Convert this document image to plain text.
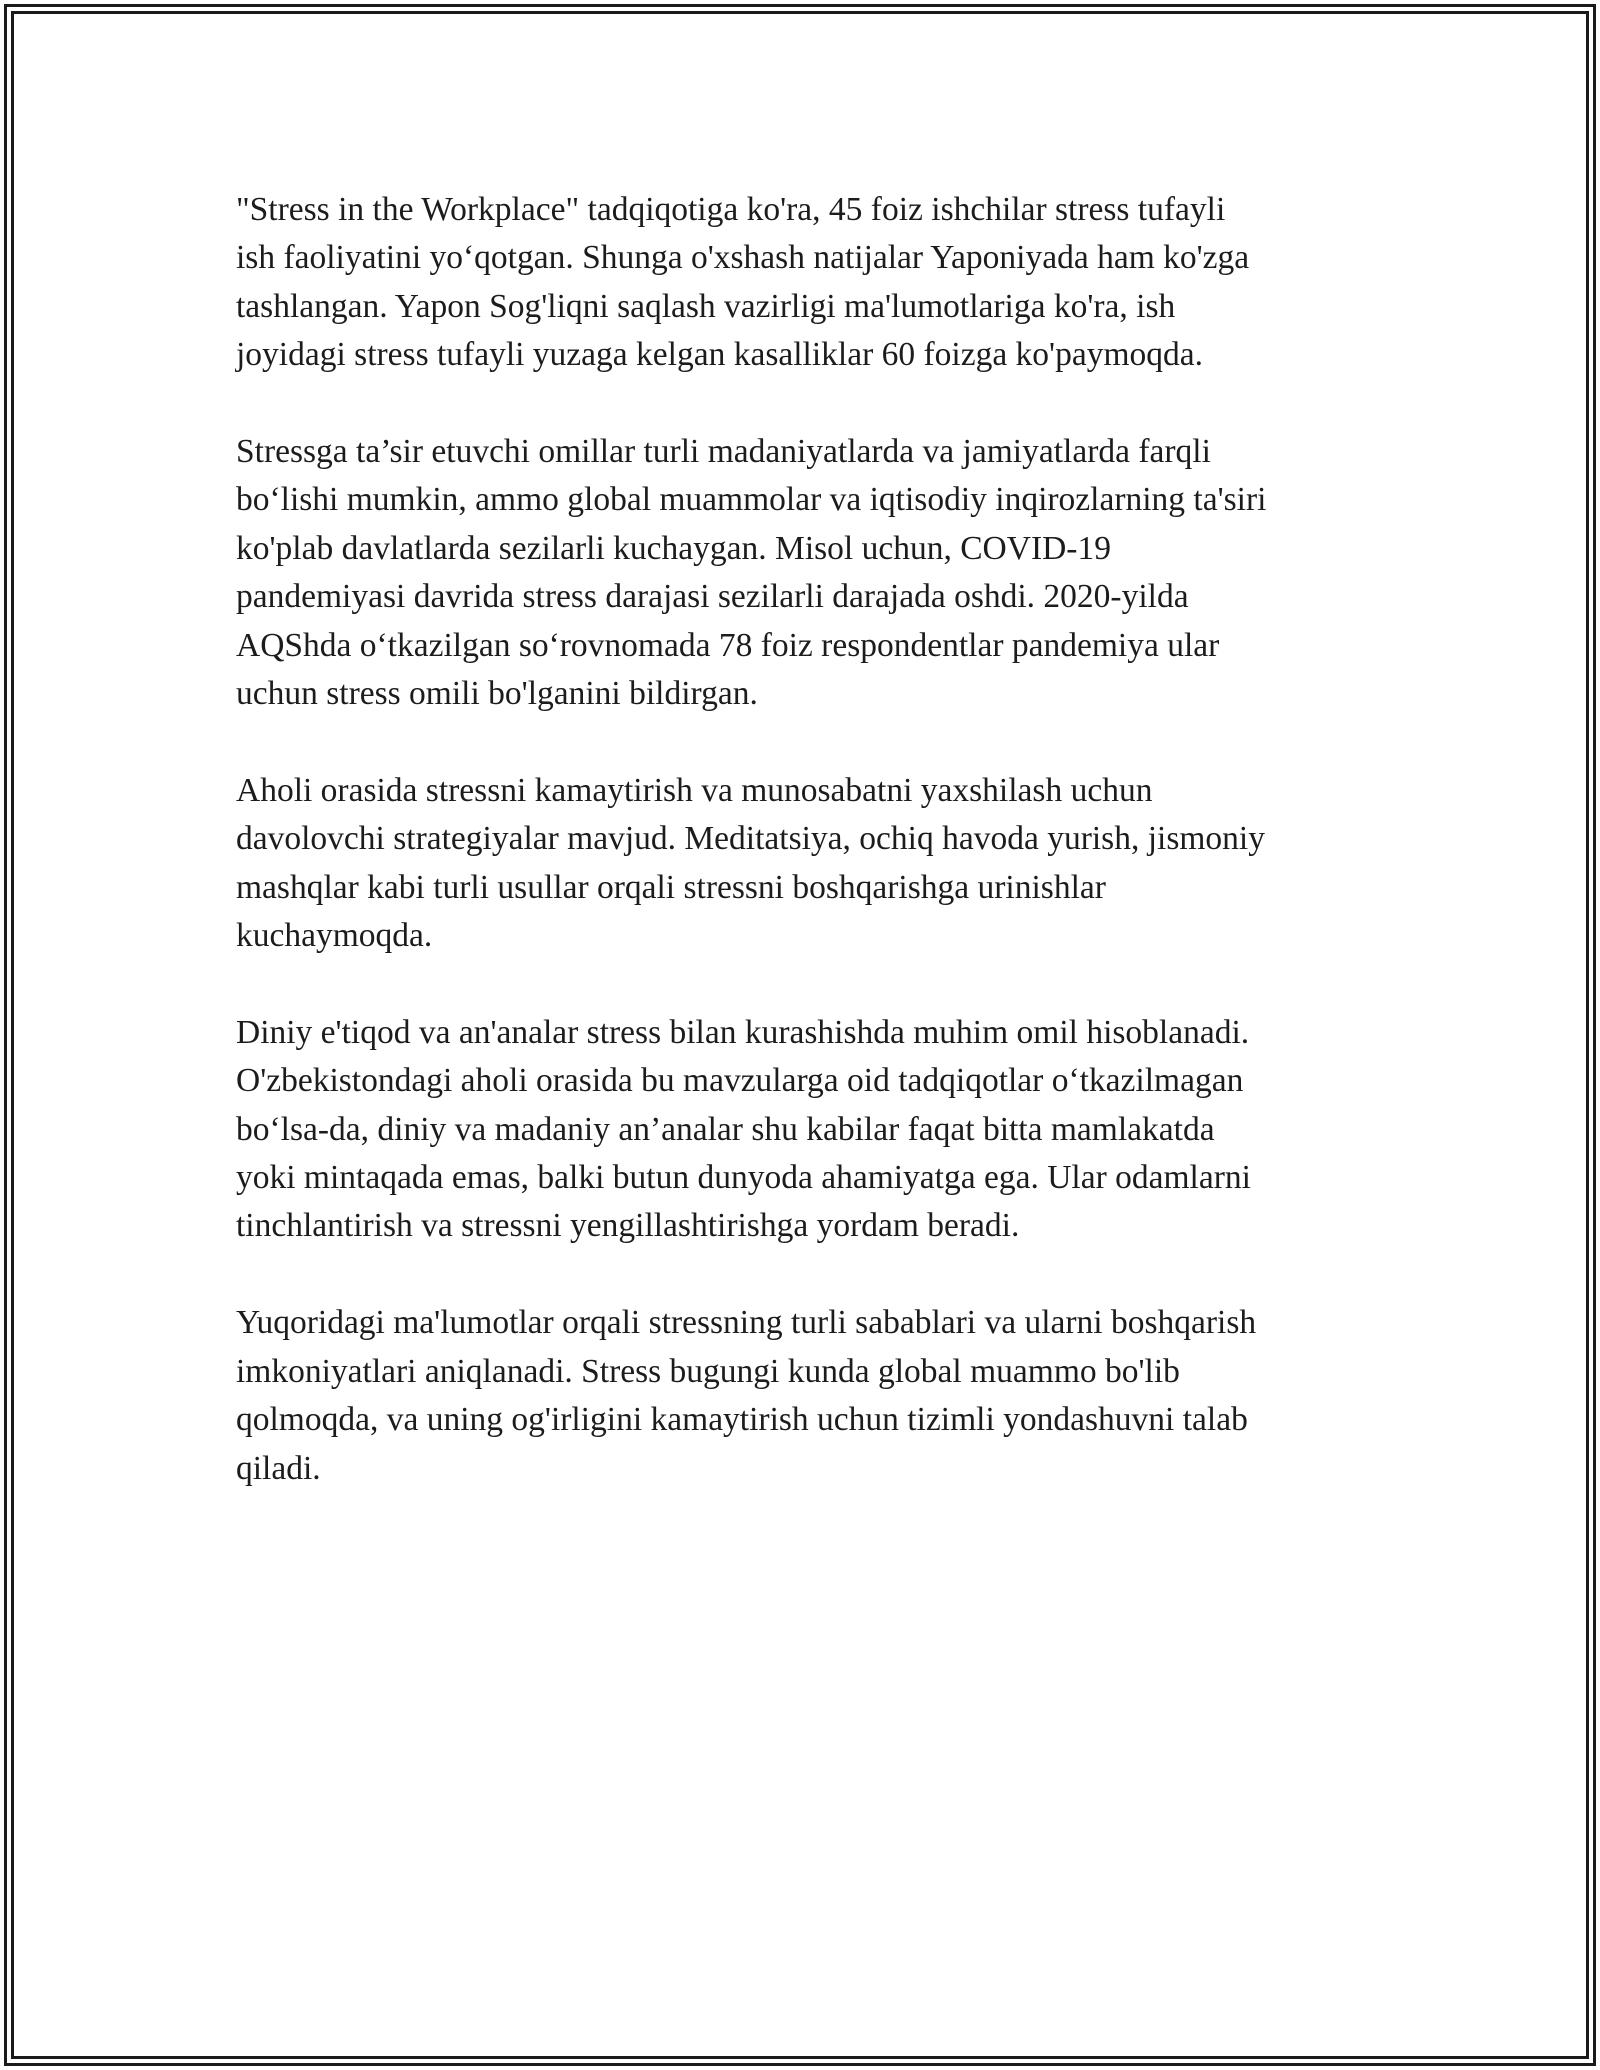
"Stress in the Workplace" tadqiqotiga ko'ra, 45 foiz ishchilar stress tufayli
ish faoliyatini yo‘qotgan. Shunga o'xshash natijalar Yaponiyada ham ko'zga
tashlangan. Yapon Sog'liqni saqlash vazirligi ma'lumotlariga ko'ra, ish
joyidagi stress tufayli yuzaga kelgan kasalliklar 60 foizga ko'paymoqda.

Stressga ta’sir etuvchi omillar turli madaniyatlarda va jamiyatlarda farqli
bo‘lishi mumkin, ammo global muammolar va iqtisodiy inqirozlarning ta'siri
ko'plab davlatlarda sezilarli kuchaygan. Misol uchun, COVID-19
pandemiyasi davrida stress darajasi sezilarli darajada oshdi. 2020-yilda
AQShda o‘tkazilgan so‘rovnomada 78 foiz respondentlar pandemiya ular
uchun stress omili bo'lganini bildirgan.

Aholi orasida stressni kamaytirish va munosabatni yaxshilash uchun
davolovchi strategiyalar mavjud. Meditatsiya, ochiq havoda yurish, jismoniy
mashqlar kabi turli usullar orqali stressni boshqarishga urinishlar
kuchaymoqda.

Diniy e'tiqod va an'analar stress bilan kurashishda muhim omil hisoblanadi.
O'zbekistondagi aholi orasida bu mavzularga oid tadqiqotlar o‘tkazilmagan
bo‘lsa-da, diniy va madaniy an’analar shu kabilar faqat bitta mamlakatda
yoki mintaqada emas, balki butun dunyoda ahamiyatga ega. Ular odamlarni
tinchlantirish va stressni yengillashtirishga yordam beradi.

Yuqoridagi ma'lumotlar orqali stressning turli sabablari va ularni boshqarish
imkoniyatlari aniqlanadi. Stress bugungi kunda global muammo bo'lib
qolmoqda, va uning og'irligini kamaytirish uchun tizimli yondashuvni talab
qiladi.
